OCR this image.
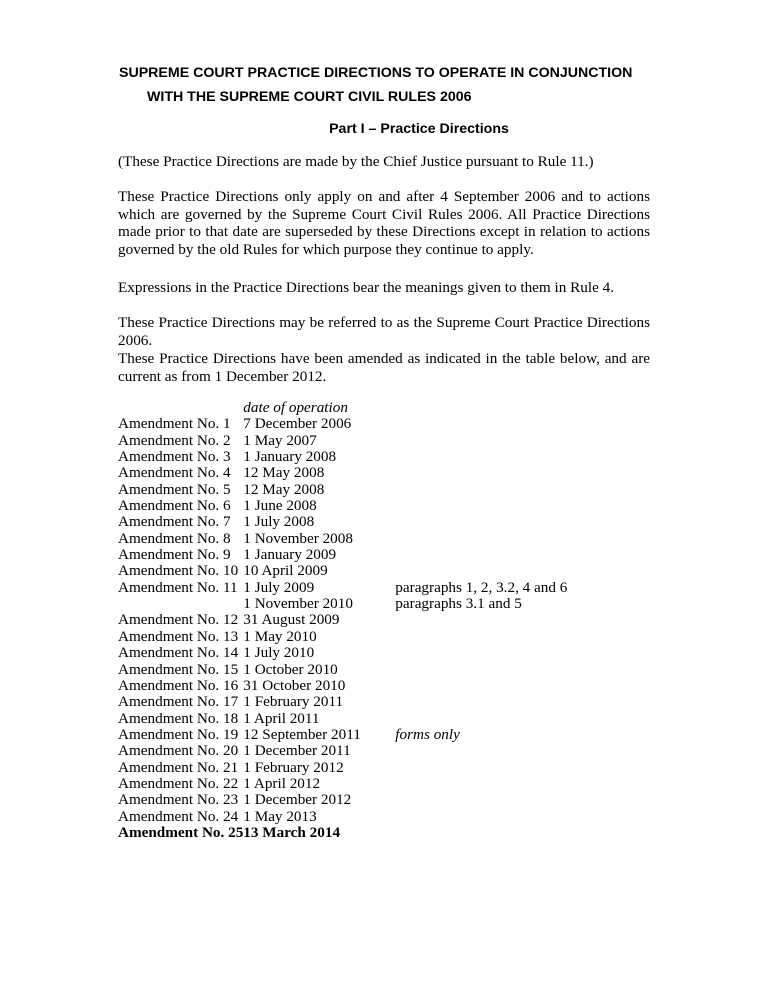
SUPREME COURT PRACTICE DIRECTIONS TO OPERATE IN CONJUNCTION
WITH THE SUPREME COURT CIVIL RULES 2006
Part I – Practice Directions

(These Practice Directions are made by the Chief Justice pursuant to Rule 11.)

These Practice Directions only apply on and after 4 September 2006 and to actions which are governed by the Supreme Court Civil Rules 2006. All Practice Directions made prior to that date are superseded by these Directions except in relation to actions governed by the old Rules for which purpose they continue to apply.

Expressions in the Practice Directions bear the meanings given to them in Rule 4.

These Practice Directions may be referred to as the Supreme Court Practice Directions 2006.

These Practice Directions have been amended as indicated in the table below, and are current as from 1 December 2012.

	date of operation	
Amendment No. 1	7 December 2006	
Amendment No. 2	1 May 2007	
Amendment No. 3	1 January 2008	
Amendment No. 4	12 May 2008	
Amendment No. 5	12 May 2008	
Amendment No. 6	1 June 2008	
Amendment No. 7	1 July 2008	
Amendment No. 8	1 November 2008	
Amendment No. 9	1 January 2009	
Amendment No. 10	10 April 2009	
Amendment No. 11	1 July 2009	paragraphs 1, 2, 3.2, 4 and 6
	1 November 2010	paragraphs 3.1 and 5
Amendment No. 12	31 August 2009	
Amendment No. 13	1 May 2010	
Amendment No. 14	1 July 2010	
Amendment No. 15	1 October 2010	
Amendment No. 16	31 October 2010	
Amendment No. 17	1 February 2011	
Amendment No. 18	1 April 2011	
Amendment No. 19	12 September 2011	forms only
Amendment No. 20	1 December 2011	
Amendment No. 21	1 February 2012	
Amendment No. 22	1 April 2012	
Amendment No. 23	1 December 2012	
Amendment No. 24	1 May 2013	
Amendment No. 25	13 March 2014	
